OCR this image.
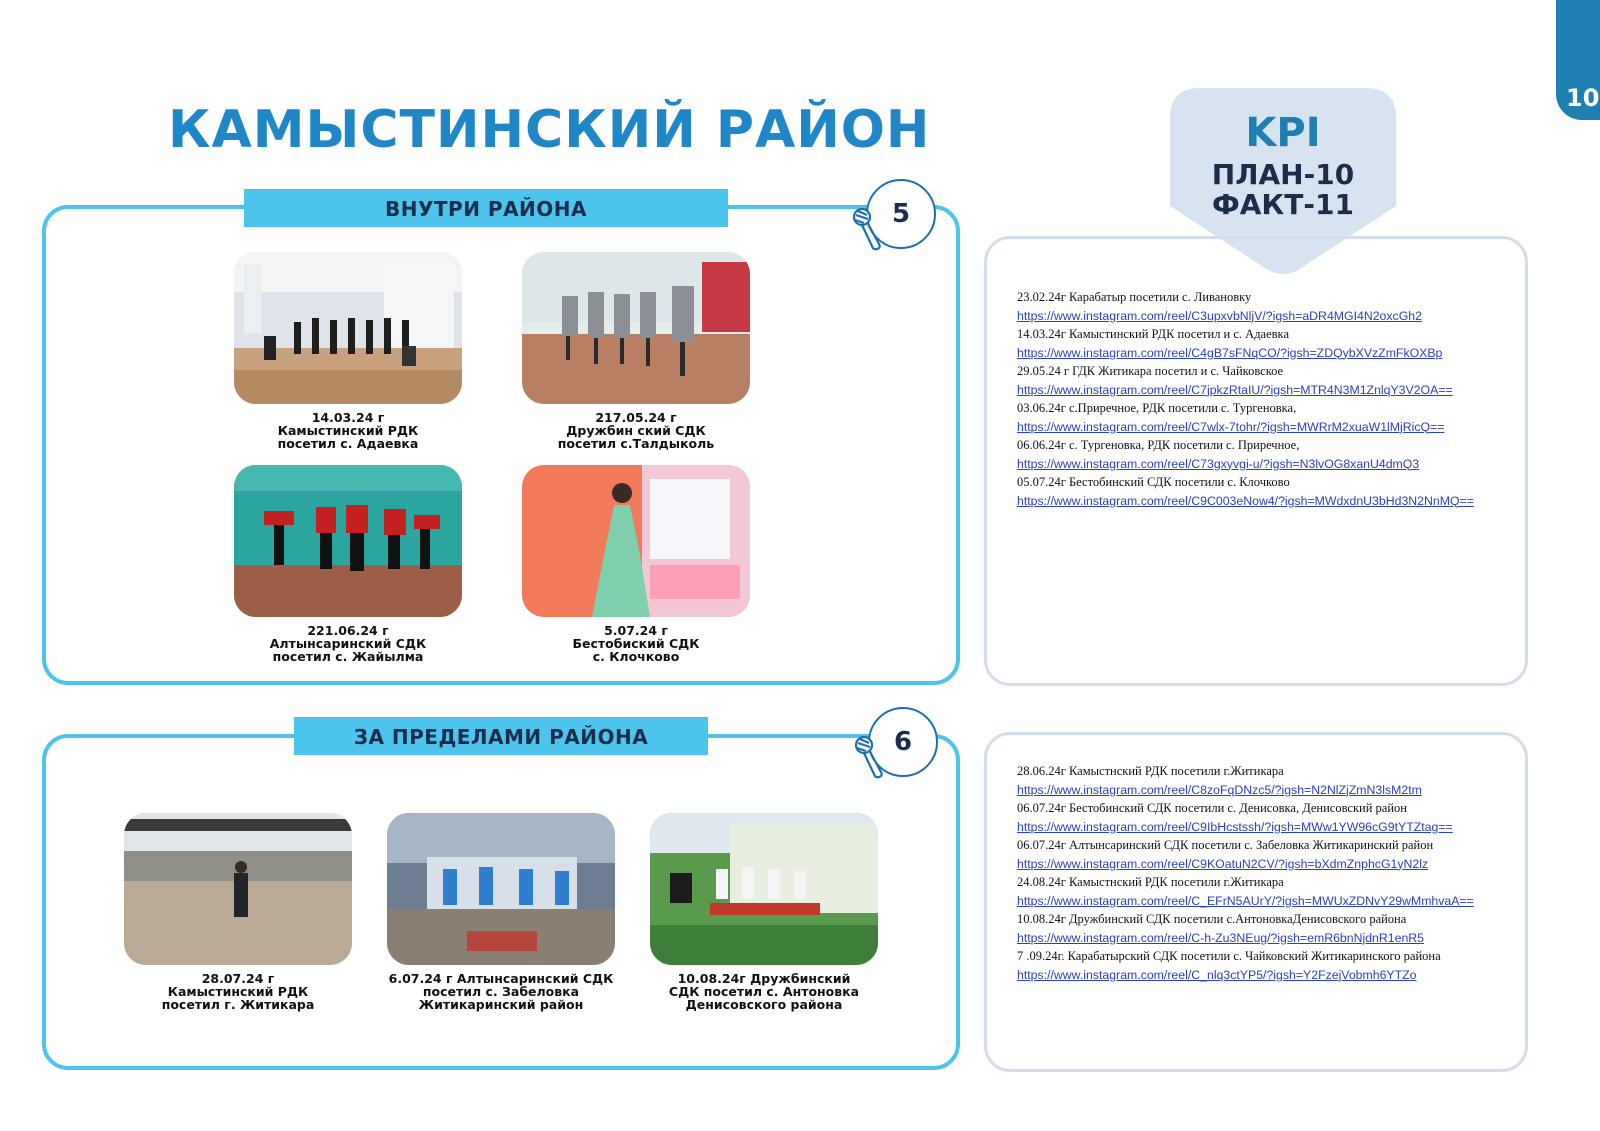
10
КАМЫСТИНСКИЙ РАЙОН	KPI
ПЛАН-10
ФАКТ-11
ВНУТРИ РАЙОНА	5
14.03.24 г
Камыстинский РДК
посетил с. Адаевка
217.05.24 г
Дружбин ский СДК
посетил с.Талдыколь
221.06.24 г
Алтынсаринский СДК
посетил с. Жайылма
5.07.24 г
Бестобиский СДК
с. Клочково
ЗА ПРЕДЕЛАМИ РАЙОНА	6
28.07.24 г
Камыстинский РДК
посетил г. Житикара
6.07.24 г Алтынсаринский СДК
посетил с. Забеловка
Житикаринский район
10.08.24г Дружбинский
СДК посетил с. Антоновка
Денисовского района
23.02.24г Карабатыр посетили с. Ливановку
https://www.instagram.com/reel/C3upxvbNljV/?igsh=aDR4MGI4N2oxcGh2
14.03.24г Камыстинский РДК посетил и с. Адаевка
https://www.instagram.com/reel/C4gB7sFNqCO/?igsh=ZDQybXVzZmFkOXBp
29.05.24 г ГДК Житикара посетил и с. Чайковское
https://www.instagram.com/reel/C7jpkzRtaIU/?igsh=MTR4N3M1ZnlqY3V2OA==
03.06.24г с.Приречное, РДК посетили с. Тургеновка,
https://www.instagram.com/reel/C7wlx-7tohr/?igsh=MWRrM2xuaW1lMjRicQ==
06.06.24г с. Тургеновка, РДК посетили с. Приречное,
https://www.instagram.com/reel/C73gxyvgi-u/?igsh=N3lvOG8xanU4dmQ3
05.07.24г Бестобинский СДК посетили с. Клочково
https://www.instagram.com/reel/C9C003eNow4/?igsh=MWdxdnU3bHd3N2NnMQ==
28.06.24г Камыстнский РДК посетили г.Житикара
https://www.instagram.com/reel/C8zoFqDNzc5/?igsh=N2NlZjZmN3lsM2tm
06.07.24г Бестобинский СДК посетили с. Денисовка, Денисовский район
https://www.instagram.com/reel/C9IbHcstssh/?igsh=MWw1YW96cG9tYTZtag==
06.07.24г Алтынсаринский СДК посетили с. Забеловка Житикаринский район
https://www.instagram.com/reel/C9KOatuN2CV/?igsh=bXdmZnphcG1yN2lz
24.08.24г Камыстнский РДК посетили г.Житикара
https://www.instagram.com/reel/C_EFrN5AUrY/?igsh=MWUxZDNvY29wMmhvaA==
10.08.24г Дружбинский СДК посетили с.АнтоновкаДенисовского района
https://www.instagram.com/reel/C-h-Zu3NEug/?igsh=emR6bnNjdnR1enR5
7 .09.24г. Карабатырский СДК посетили с. Чайковский Житикаринского района
https://www.instagram.com/reel/C_nlq3ctYP5/?igsh=Y2FzejVobmh6YTZo
